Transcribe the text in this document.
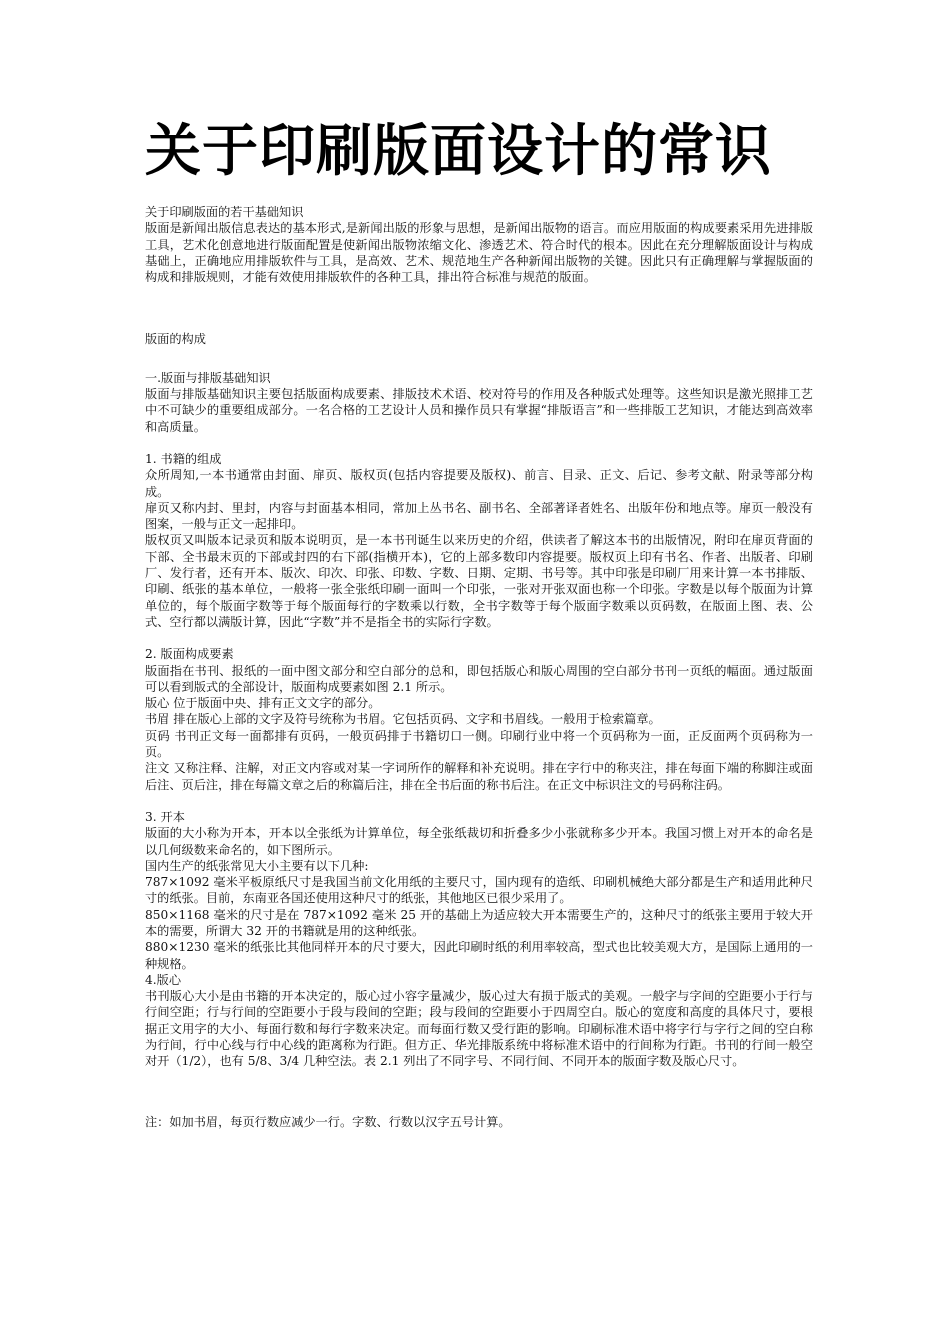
关于印刷版面设计的常识

关于印刷版面的若干基础知识

版面是新闻出版信息表达的基本形式,是新闻出版的形象与思想，是新闻出版物的语言。而应用版面的构成要素采用先进排版工具，艺术化创意地进行版面配置是使新闻出版物浓缩文化、渗透艺术、符合时代的根本。因此在充分理解版面设计与构成基础上，正确地应用排版软件与工具，是高效、艺术、规范地生产各种新闻出版物的关键。因此只有正确理解与掌握版面的构成和排版规则，才能有效使用排版软件的各种工具，排出符合标准与规范的版面。

版面的构成

一.版面与排版基础知识

版面与排版基础知识主要包括版面构成要素、排版技术术语、校对符号的作用及各种版式处理等。这些知识是激光照排工艺中不可缺少的重要组成部分。一名合格的工艺设计人员和操作员只有掌握“排版语言”和一些排版工艺知识，才能达到高效率和高质量。

1. 书籍的组成

众所周知,一本书通常由封面、扉页、版权页(包括内容提要及版权)、前言、目录、正文、后记、参考文献、附录等部分构成。

扉页又称内封、里封，内容与封面基本相同，常加上丛书名、副书名、全部著译者姓名、出版年份和地点等。扉页一般没有图案，一般与正文一起排印。

版权页又叫版本记录页和版本说明页，是一本书刊诞生以来历史的介绍，供读者了解这本书的出版情况，附印在扉页背面的下部、全书最末页的下部或封四的右下部(指横开本)，它的上部多数印内容提要。版权页上印有书名、作者、出版者、印刷厂、发行者，还有开本、版次、印次、印张、印数、字数、日期、定期、书号等。其中印张是印刷厂用来计算一本书排版、印刷、纸张的基本单位，一般将一张全张纸印刷一面叫一个印张，一张对开张双面也称一个印张。字数是以每个版面为计算单位的，每个版面字数等于每个版面每行的字数乘以行数，全书字数等于每个版面字数乘以页码数，在版面上图、表、公式、空行都以满版计算，因此“字数”并不是指全书的实际行字数。

2. 版面构成要素

版面指在书刊、报纸的一面中图文部分和空白部分的总和，即包括版心和版心周围的空白部分书刊一页纸的幅面。通过版面可以看到版式的全部设计，版面构成要素如图 2.1 所示。

版心 位于版面中央、排有正文文字的部分。

书眉 排在版心上部的文字及符号统称为书眉。它包括页码、文字和书眉线。一般用于检索篇章。

页码 书刊正文每一面都排有页码，一般页码排于书籍切口一侧。印刷行业中将一个页码称为一面，正反面两个页码称为一页。

注文 又称注释、注解，对正文内容或对某一字词所作的解释和补充说明。排在字行中的称夹注，排在每面下端的称脚注或面后注、页后注，排在每篇文章之后的称篇后注，排在全书后面的称书后注。在正文中标识注文的号码称注码。

3. 开本

版面的大小称为开本，开本以全张纸为计算单位，每全张纸裁切和折叠多少小张就称多少开本。我国习惯上对开本的命名是以几何级数来命名的，如下图所示。

国内生产的纸张常见大小主要有以下几种:

787×1092 毫米平板原纸尺寸是我国当前文化用纸的主要尺寸，国内现有的造纸、印刷机械绝大部分都是生产和适用此种尺寸的纸张。目前，东南亚各国还使用这种尺寸的纸张，其他地区已很少采用了。

850×1168 毫米的尺寸是在 787×1092 毫米 25 开的基础上为适应较大开本需要生产的，这种尺寸的纸张主要用于较大开本的需要，所谓大 32 开的书籍就是用的这种纸张。

880×1230 毫米的纸张比其他同样开本的尺寸要大，因此印刷时纸的利用率较高，型式也比较美观大方，是国际上通用的一种规格。

4.版心

书刊版心大小是由书籍的开本决定的，版心过小容字量减少，版心过大有损于版式的美观。一般字与字间的空距要小于行与行间空距；行与行间的空距要小于段与段间的空距；段与段间的空距要小于四周空白。版心的宽度和高度的具体尺寸，要根据正文用字的大小、每面行数和每行字数来决定。而每面行数又受行距的影响。印刷标准术语中将字行与字行之间的空白称为行间，行中心线与行中心线的距离称为行距。但方正、华光排版系统中将标准术语中的行间称为行距。书刊的行间一般空对开（1/2），也有 5/8、3/4 几种空法。表 2.1 列出了不同字号、不同行间、不同开本的版面字数及版心尺寸。

注：如加书眉，每页行数应减少一行。字数、行数以汉字五号计算。
